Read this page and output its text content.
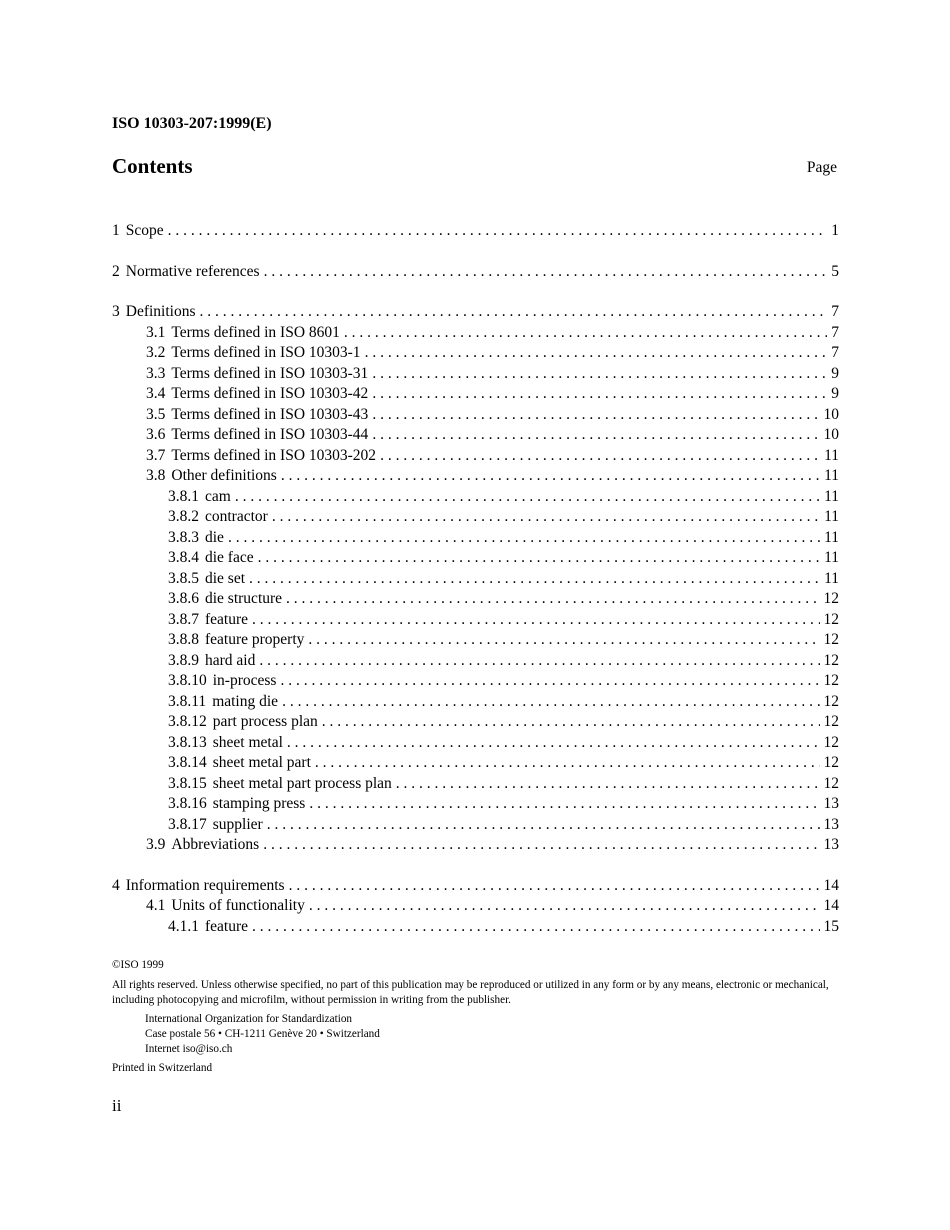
ISO 10303-207:1999(E)
Contents	Page
1 Scope . . .	1
2 Normative references . . .	5
3 Definitions . . .	7
3.1 Terms defined in ISO 8601 . . .	7
3.2 Terms defined in ISO 10303-1 . . .	7
3.3 Terms defined in ISO 10303-31 . . .	9
3.4 Terms defined in ISO 10303-42 . . .	9
3.5 Terms defined in ISO 10303-43 . . .	10
3.6 Terms defined in ISO 10303-44 . . .	10
3.7 Terms defined in ISO 10303-202 . . .	11
3.8 Other definitions . . .	11
3.8.1 cam . . .	11
3.8.2 contractor . . .	11
3.8.3 die . . .	11
3.8.4 die face . . .	11
3.8.5 die set . . .	11
3.8.6 die structure . . .	12
3.8.7 feature . . .	12
3.8.8 feature property . . .	12
3.8.9 hard aid . . .	12
3.8.10 in-process . . .	12
3.8.11 mating die . . .	12
3.8.12 part process plan . . .	12
3.8.13 sheet metal . . .	12
3.8.14 sheet metal part . . .	12
3.8.15 sheet metal part process plan . . .	12
3.8.16 stamping press . . .	13
3.8.17 supplier . . .	13
3.9 Abbreviations . . .	13
4 Information requirements . . .	14
4.1 Units of functionality . . .	14
4.1.1 feature . . .	15
©ISO 1999
All rights reserved. Unless otherwise specified, no part of this publication may be reproduced or utilized in any form or by any means, electronic or mechanical, including photocopying and microfilm, without permission in writing from the publisher.
International Organization for Standardization
Case postale 56 • CH-1211 Genève 20 • Switzerland
Internet iso@iso.ch
Printed in Switzerland
ii
